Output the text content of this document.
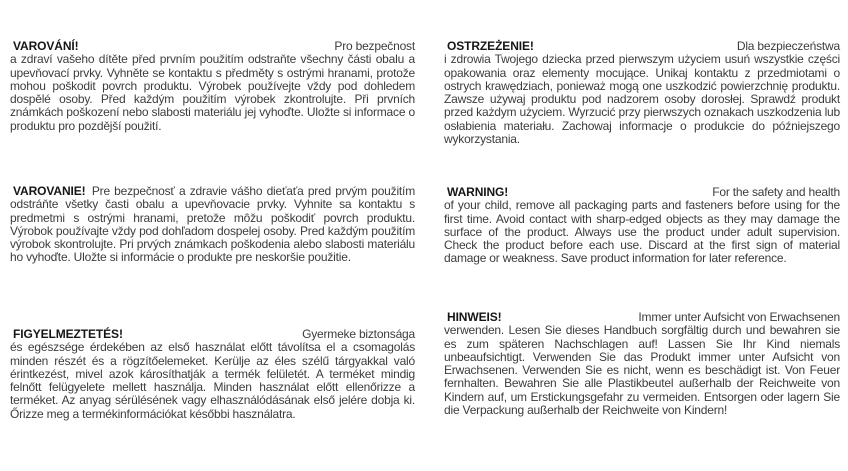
VAROVÁNÍ!	Pro bezpečnost

a zdraví vašeho dítěte před prvním použitím odstraňte všechny části obalu a upevňovací prvky. Vyhněte se kontaktu s předměty s ostrými hranami, protože mohou poškodit povrch produktu. Výrobek používejte vždy pod dohledem dospělé osoby. Před každým použitím výrobek zkontrolujte. Při prvních známkách poškození nebo slabosti materiálu jej vyhoďte. Uložte si informace o produktu pro pozdější použití.

VAROVANIE! Pre bezpečnosť a zdravie vášho dieťaťa pred prvým použitím odstráňte všetky časti obalu a upevňovacie prvky. Vyhnite sa kontaktu s predmetmi s ostrými hranami, pretože môžu poškodiť povrch produktu. Výrobok používajte vždy pod dohľadom dospelej osoby. Pred každým použitím výrobok skontrolujte. Pri prvých známkach poškodenia alebo slabosti materiálu ho vyhoďte. Uložte si informácie o produkte pre neskoršie použitie.

FIGYELMEZTETÉS!	Gyermeke biztonsága

és egészsége érdekében az első használat előtt távolítsa el a csomagolás minden részét és a rögzítőelemeket. Kerülje az éles szélű tárgyakkal való érintkezést, mivel azok károsíthatják a termék felületét. A terméket mindig felnőtt felügyelete mellett használja. Minden használat előtt ellenőrizze a terméket. Az anyag sérülésének vagy elhasználódásának első jelére dobja ki. Őrizze meg a termékinformációkat későbbi használatra.

OSTRZEŻENIE!	Dla bezpieczeństwa

i zdrowia Twojego dziecka przed pierwszym użyciem usuń wszystkie części opakowania oraz elementy mocujące. Unikaj kontaktu z przedmiotami o ostrych krawędziach, ponieważ mogą one uszkodzić powierzchnię produktu. Zawsze używaj produktu pod nadzorem osoby dorosłej. Sprawdź produkt przed każdym użyciem. Wyrzucić przy pierwszych oznakach uszkodzenia lub osłabienia materiału. Zachowaj informacje o produkcie do późniejszego wykorzystania.

WARNING!	For the safety and health

of your child, remove all packaging parts and fasteners before using for the first time. Avoid contact with sharp-edged objects as they may damage the surface of the product. Always use the product under adult supervision. Check the product before each use. Discard at the first sign of material damage or weakness. Save product information for later reference.

HINWEIS!	Immer unter Aufsicht von Erwachsenen

verwenden. Lesen Sie dieses Handbuch sorgfältig durch und bewahren sie es zum späteren Nachschlagen auf! Lassen Sie Ihr Kind niemals unbeaufsichtigt. Verwenden Sie das Produkt immer unter Aufsicht von Erwachsenen. Verwenden Sie es nicht, wenn es beschädigt ist. Von Feuer fernhalten. Bewahren Sie alle Plastikbeutel außerhalb der Reichweite von Kindern auf, um Erstickungsgefahr zu vermeiden. Entsorgen oder lagern Sie die Verpackung außerhalb der Reichweite von Kindern!
